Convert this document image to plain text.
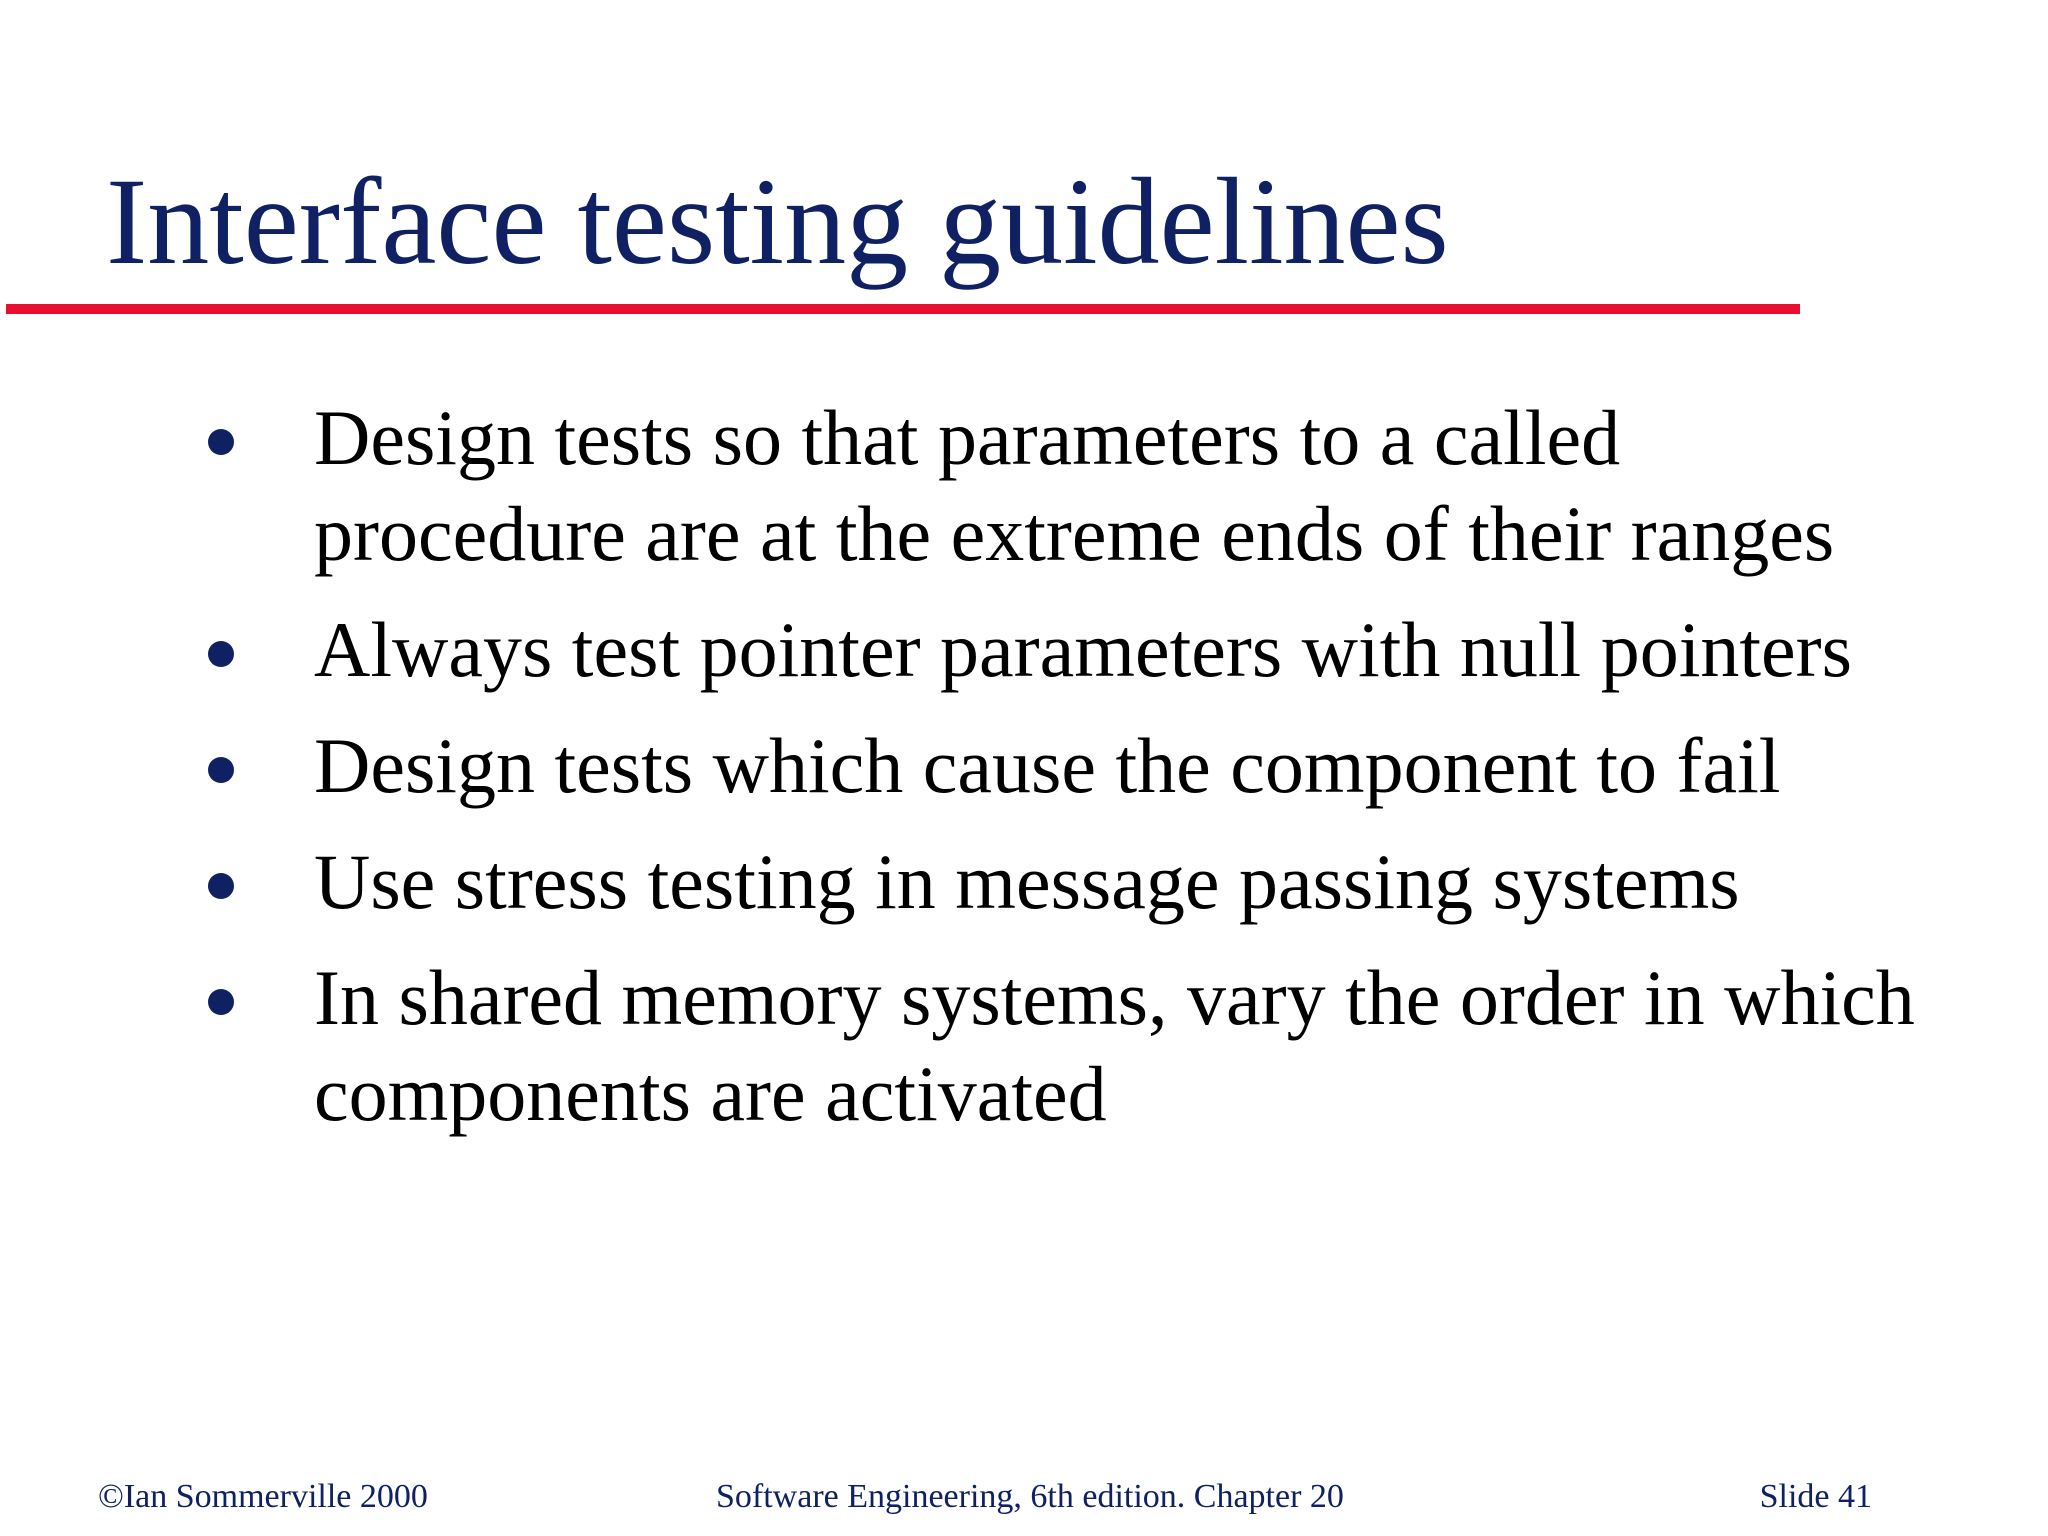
Interface testing guidelines
Design tests so that parameters to a called
procedure are at the extreme ends of their ranges
Always test pointer parameters with null pointers
Design tests which cause the component to fail
Use stress testing in message passing systems
In shared memory systems, vary the order in which
components are activated
©Ian Sommerville 2000	Software Engineering, 6th edition. Chapter 20	Slide 41
